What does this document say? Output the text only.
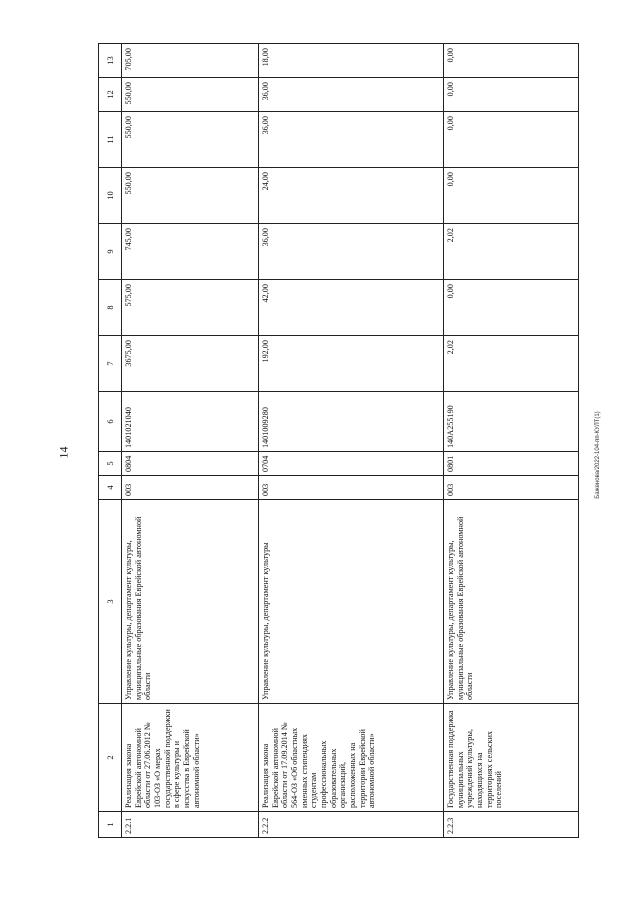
14	Баженова/2022-104-пп-КУЛТ(1)
1	2	3	4	5	6	7	8	9	10	11	12	13
2.2.1	Реализация закона Еврейской автономной области от 27.06.2012 № 103-ОЗ «О мерах государственной поддержки в сфере культуры и искусства в Еврейской автономной области»	Управление культуры, департамент культуры, муниципальные образования Еврейской автономной области	003	0804	1401021040	3675,00	575,00	745,00	550,00	550,00	550,00	705,00
2.2.2	Реализация закона Еврейской автономной области от 17.09.2014 № 564-ОЗ «Об областных именных стипендиях студентам профессиональных образовательных организаций, расположенных на территории Еврейской автономной области»	Управление культуры, департамент культуры	003	0704	1401009280	192,00	42,00	36,00	24,00	36,00	36,00	18,00
2.2.3	Государственная поддержка муниципальных учреждений культуры, находящихся на территориях сельских поселений	Управление культуры, департамент культуры, муниципальные образования Еврейской автономной области	003	0801	140A255190	2,02	0,00	2,02	0,00	0,00	0,00	0,00
